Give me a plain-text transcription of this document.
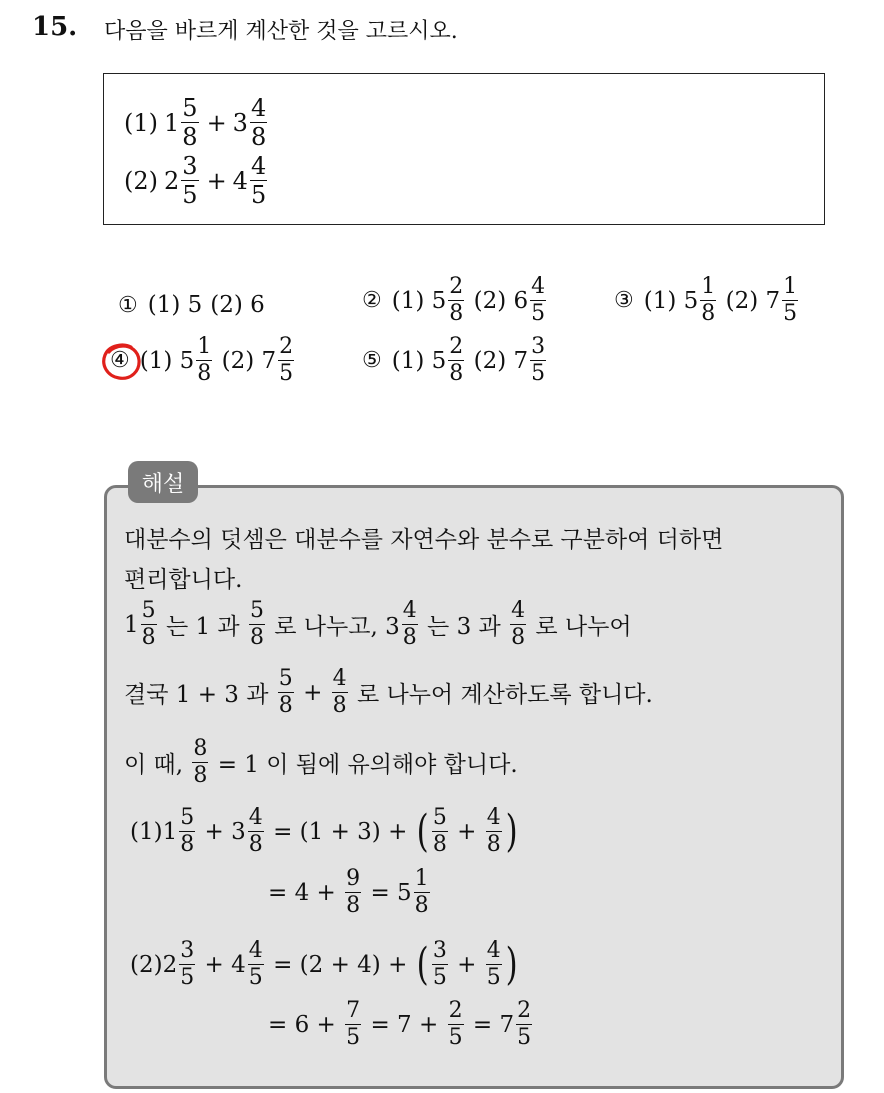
15. 다음을 바르게 계산한 것을 고르시오.
(1) $1 \frac{5}{8} + 3 \frac{4}{8}$
(2) $2 \frac{3}{5} + 4 \frac{4}{5}$
① (1) 5 (2) 6	② (1)
$5 \frac{2}{8}$
(2)
$6 \frac{4}{5}$	③ (1)
$5 \frac{1}{8}$
(2)
$7 \frac{1}{5}$
④ (1)
$5 \frac{1}{8}$
(2)
$7 \frac{2}{5}$	⑤ (1)
$5 \frac{2}{8}$
(2)
$7 \frac{3}{5}$
해설
대분수의 덧셈은 대분수를 자연수와 분수로 구분하여 더하면
편리합니다.
$1 \frac{5}{8}$
는 1 과
$\frac{5}{8}$
로 나누고, $3 \frac{4}{8}$
는 3 과
$\frac{4}{8}$
로 나누어
결국 1 + 3 과
$\frac{5}{8}$
+
$\frac{4}{8}$
로 나누어 계산하도록 합니다.
이 때,
$\frac{8}{8}$
= 1 이 됨에 유의해야 합니다.
$(1)1 \frac{5}{8}$
+ $3 \frac{4}{8}$
= (1 + 3) +
( $\frac{5}{8}$
+
$\frac{4}{8}$ )
= 4 +
$\frac{9}{8}$
= $5 \frac{1}{8}$
$(2)2 \frac{3}{5}$
+ $4 \frac{4}{5}$
= (2 + 4) +
( $\frac{3}{5}$
+
$\frac{4}{5}$ )
= 6 +
$\frac{7}{5}$
= 7 +
$\frac{2}{5}$
= $7 \frac{2}{5}$
